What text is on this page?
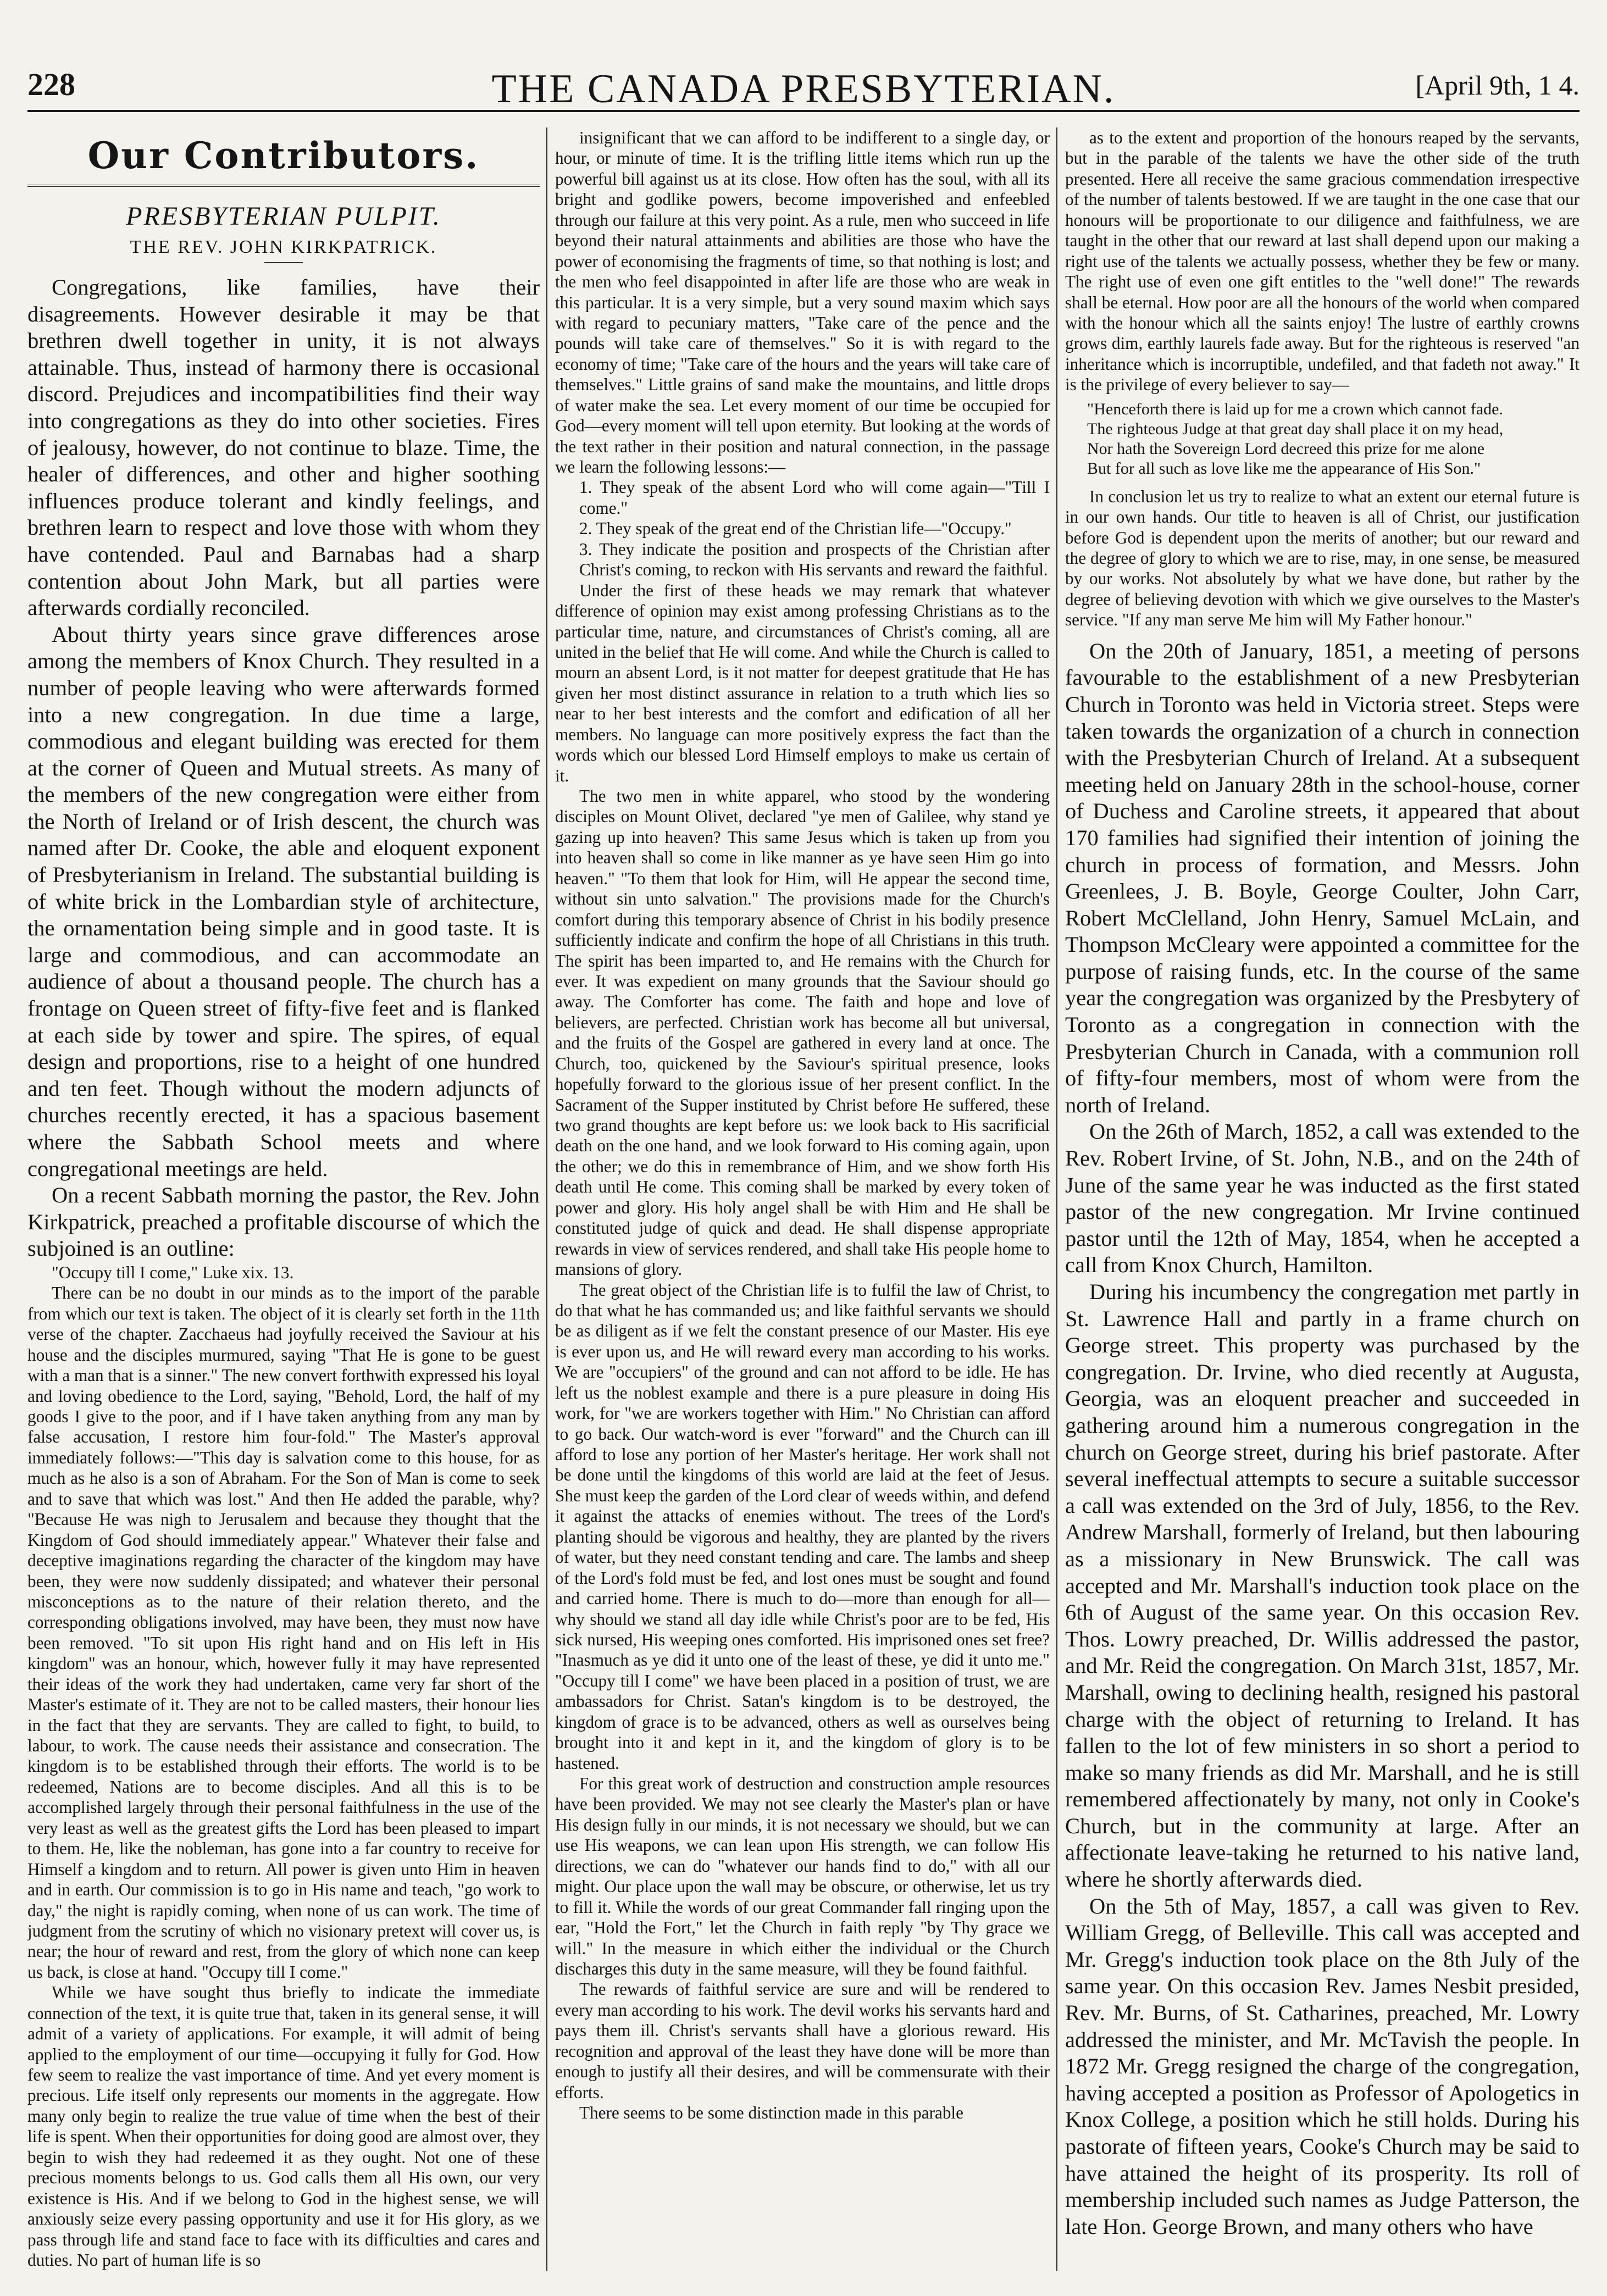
228	THE CANADA PRESBYTERIAN.	[April 9th, 1 4.
Our Contributors.
PRESBYTERIAN PULPIT.
THE REV. JOHN KIRKPATRICK.

Congregations, like families, have their disagreements. However desirable it may be that brethren dwell together in unity, it is not always attainable. Thus, instead of harmony there is occasional discord. Prejudices and incompatibilities find their way into congregations as they do into other societies. Fires of jealousy, however, do not continue to blaze. Time, the healer of differences, and other and higher soothing influences produce tolerant and kindly feelings, and brethren learn to respect and love those with whom they have contended. Paul and Barnabas had a sharp contention about John Mark, but all parties were afterwards cordially reconciled.

About thirty years since grave differences arose among the members of Knox Church. They resulted in a number of people leaving who were afterwards formed into a new congregation. In due time a large, commodious and elegant building was erected for them at the corner of Queen and Mutual streets. As many of the members of the new congregation were either from the North of Ireland or of Irish descent, the church was named after Dr. Cooke, the able and eloquent exponent of Presbyterianism in Ireland. The substantial building is of white brick in the Lombardian style of architecture, the ornamentation being simple and in good taste. It is large and commodious, and can accommodate an audience of about a thousand people. The church has a frontage on Queen street of fifty-five feet and is flanked at each side by tower and spire. The spires, of equal design and proportions, rise to a height of one hundred and ten feet. Though without the modern adjuncts of churches recently erected, it has a spacious basement where the Sabbath School meets and where congregational meetings are held.

On a recent Sabbath morning the pastor, the Rev. John Kirkpatrick, preached a profitable discourse of which the subjoined is an outline:

"Occupy till I come," Luke xix. 13.

There can be no doubt in our minds as to the import of the parable from which our text is taken. The object of it is clearly set forth in the 11th verse of the chapter. Zacchaeus had joyfully received the Saviour at his house and the disciples murmured, saying "That He is gone to be guest with a man that is a sinner." The new convert forthwith expressed his loyal and loving obedience to the Lord, saying, "Behold, Lord, the half of my goods I give to the poor, and if I have taken anything from any man by false accusation, I restore him four-fold." The Master's approval immediately follows:—"This day is salvation come to this house, for as much as he also is a son of Abraham. For the Son of Man is come to seek and to save that which was lost." And then He added the parable, why? "Because He was nigh to Jerusalem and because they thought that the Kingdom of God should immediately appear." Whatever their false and deceptive imaginations regarding the character of the kingdom may have been, they were now suddenly dissipated; and whatever their personal misconceptions as to the nature of their relation thereto, and the corresponding obligations involved, may have been, they must now have been removed. "To sit upon His right hand and on His left in His kingdom" was an honour, which, however fully it may have represented their ideas of the work they had undertaken, came very far short of the Master's estimate of it. They are not to be called masters, their honour lies in the fact that they are servants. They are called to fight, to build, to labour, to work. The cause needs their assistance and consecration. The kingdom is to be established through their efforts. The world is to be redeemed, Nations are to become disciples. And all this is to be accomplished largely through their personal faithfulness in the use of the very least as well as the greatest gifts the Lord has been pleased to impart to them. He, like the nobleman, has gone into a far country to receive for Himself a kingdom and to return. All power is given unto Him in heaven and in earth. Our commission is to go in His name and teach, "go work to day," the night is rapidly coming, when none of us can work. The time of judgment from the scrutiny of which no visionary pretext will cover us, is near; the hour of reward and rest, from the glory of which none can keep us back, is close at hand. "Occupy till I come."

While we have sought thus briefly to indicate the immediate connection of the text, it is quite true that, taken in its general sense, it will admit of a variety of applications. For example, it will admit of being applied to the employment of our time—occupying it fully for God. How few seem to realize the vast importance of time. And yet every moment is precious. Life itself only represents our moments in the aggregate. How many only begin to realize the true value of time when the best of their life is spent. When their opportunities for doing good are almost over, they begin to wish they had redeemed it as they ought. Not one of these precious moments belongs to us. God calls them all His own, our very existence is His. And if we belong to God in the highest sense, we will anxiously seize every passing opportunity and use it for His glory, as we pass through life and stand face to face with its difficulties and cares and duties. No part of human life is so

insignificant that we can afford to be indifferent to a single day, or hour, or minute of time. It is the trifling little items which run up the powerful bill against us at its close. How often has the soul, with all its bright and godlike powers, become impoverished and enfeebled through our failure at this very point. As a rule, men who succeed in life beyond their natural attainments and abilities are those who have the power of economising the fragments of time, so that nothing is lost; and the men who feel disappointed in after life are those who are weak in this particular. It is a very simple, but a very sound maxim which says with regard to pecuniary matters, "Take care of the pence and the pounds will take care of themselves." So it is with regard to the economy of time; "Take care of the hours and the years will take care of themselves." Little grains of sand make the mountains, and little drops of water make the sea. Let every moment of our time be occupied for God—every moment will tell upon eternity. But looking at the words of the text rather in their position and natural connection, in the passage we learn the following lessons:—

1. They speak of the absent Lord who will come again—"Till I come."

2. They speak of the great end of the Christian life—"Occupy."

3. They indicate the position and prospects of the Christian after Christ's coming, to reckon with His servants and reward the faithful.

Under the first of these heads we may remark that whatever difference of opinion may exist among professing Christians as to the particular time, nature, and circumstances of Christ's coming, all are united in the belief that He will come. And while the Church is called to mourn an absent Lord, is it not matter for deepest gratitude that He has given her most distinct assurance in relation to a truth which lies so near to her best interests and the comfort and edification of all her members. No language can more positively express the fact than the words which our blessed Lord Himself employs to make us certain of it.

The two men in white apparel, who stood by the wondering disciples on Mount Olivet, declared "ye men of Galilee, why stand ye gazing up into heaven? This same Jesus which is taken up from you into heaven shall so come in like manner as ye have seen Him go into heaven." "To them that look for Him, will He appear the second time, without sin unto salvation." The provisions made for the Church's comfort during this temporary absence of Christ in his bodily presence sufficiently indicate and confirm the hope of all Christians in this truth. The spirit has been imparted to, and He remains with the Church for ever. It was expedient on many grounds that the Saviour should go away. The Comforter has come. The faith and hope and love of believers, are perfected. Christian work has become all but universal, and the fruits of the Gospel are gathered in every land at once. The Church, too, quickened by the Saviour's spiritual presence, looks hopefully forward to the glorious issue of her present conflict. In the Sacrament of the Supper instituted by Christ before He suffered, these two grand thoughts are kept before us: we look back to His sacrificial death on the one hand, and we look forward to His coming again, upon the other; we do this in remembrance of Him, and we show forth His death until He come. This coming shall be marked by every token of power and glory. His holy angel shall be with Him and He shall be constituted judge of quick and dead. He shall dispense appropriate rewards in view of services rendered, and shall take His people home to mansions of glory.

The great object of the Christian life is to fulfil the law of Christ, to do that what he has commanded us; and like faithful servants we should be as diligent as if we felt the constant presence of our Master. His eye is ever upon us, and He will reward every man according to his works. We are "occupiers" of the ground and can not afford to be idle. He has left us the noblest example and there is a pure pleasure in doing His work, for "we are workers together with Him." No Christian can afford to go back. Our watch-word is ever "forward" and the Church can ill afford to lose any portion of her Master's heritage. Her work shall not be done until the kingdoms of this world are laid at the feet of Jesus. She must keep the garden of the Lord clear of weeds within, and defend it against the attacks of enemies without. The trees of the Lord's planting should be vigorous and healthy, they are planted by the rivers of water, but they need constant tending and care. The lambs and sheep of the Lord's fold must be fed, and lost ones must be sought and found and carried home. There is much to do—more than enough for all—why should we stand all day idle while Christ's poor are to be fed, His sick nursed, His weeping ones comforted. His imprisoned ones set free? "Inasmuch as ye did it unto one of the least of these, ye did it unto me." "Occupy till I come" we have been placed in a position of trust, we are ambassadors for Christ. Satan's kingdom is to be destroyed, the kingdom of grace is to be advanced, others as well as ourselves being brought into it and kept in it, and the kingdom of glory is to be hastened.

For this great work of destruction and construction ample resources have been provided. We may not see clearly the Master's plan or have His design fully in our minds, it is not necessary we should, but we can use His weapons, we can lean upon His strength, we can follow His directions, we can do "whatever our hands find to do," with all our might. Our place upon the wall may be obscure, or otherwise, let us try to fill it. While the words of our great Commander fall ringing upon the ear, "Hold the Fort," let the Church in faith reply "by Thy grace we will." In the measure in which either the individual or the Church discharges this duty in the same measure, will they be found faithful.

The rewards of faithful service are sure and will be rendered to every man according to his work. The devil works his servants hard and pays them ill. Christ's servants shall have a glorious reward. His recognition and approval of the least they have done will be more than enough to justify all their desires, and will be commensurate with their efforts.

There seems to be some distinction made in this parable

as to the extent and proportion of the honours reaped by the servants, but in the parable of the talents we have the other side of the truth presented. Here all receive the same gracious commendation irrespective of the number of talents bestowed. If we are taught in the one case that our honours will be proportionate to our diligence and faithfulness, we are taught in the other that our reward at last shall depend upon our making a right use of the talents we actually possess, whether they be few or many. The right use of even one gift entitles to the "well done!" The rewards shall be eternal. How poor are all the honours of the world when compared with the honour which all the saints enjoy! The lustre of earthly crowns grows dim, earthly laurels fade away. But for the righteous is reserved "an inheritance which is incorruptible, undefiled, and that fadeth not away." It is the privilege of every believer to say—

"Henceforth there is laid up for me a crown which cannot fade.
The righteous Judge at that great day shall place it on my head,
Nor hath the Sovereign Lord decreed this prize for me alone
But for all such as love like me the appearance of His Son."

In conclusion let us try to realize to what an extent our eternal future is in our own hands. Our title to heaven is all of Christ, our justification before God is dependent upon the merits of another; but our reward and the degree of glory to which we are to rise, may, in one sense, be measured by our works. Not absolutely by what we have done, but rather by the degree of believing devotion with which we give ourselves to the Master's service. "If any man serve Me him will My Father honour."

On the 20th of January, 1851, a meeting of persons favourable to the establishment of a new Presbyterian Church in Toronto was held in Victoria street. Steps were taken towards the organization of a church in connection with the Presbyterian Church of Ireland. At a subsequent meeting held on January 28th in the school-house, corner of Duchess and Caroline streets, it appeared that about 170 families had signified their intention of joining the church in process of formation, and Messrs. John Greenlees, J. B. Boyle, George Coulter, John Carr, Robert McClelland, John Henry, Samuel McLain, and Thompson McCleary were appointed a committee for the purpose of raising funds, etc. In the course of the same year the congregation was organized by the Presbytery of Toronto as a congregation in connection with the Presbyterian Church in Canada, with a communion roll of fifty-four members, most of whom were from the north of Ireland.

On the 26th of March, 1852, a call was extended to the Rev. Robert Irvine, of St. John, N.B., and on the 24th of June of the same year he was inducted as the first stated pastor of the new congregation. Mr Irvine continued pastor until the 12th of May, 1854, when he accepted a call from Knox Church, Hamilton.

During his incumbency the congregation met partly in St. Lawrence Hall and partly in a frame church on George street. This property was purchased by the congregation. Dr. Irvine, who died recently at Augusta, Georgia, was an eloquent preacher and succeeded in gathering around him a numerous congregation in the church on George street, during his brief pastorate. After several ineffectual attempts to secure a suitable successor a call was extended on the 3rd of July, 1856, to the Rev. Andrew Marshall, formerly of Ireland, but then labouring as a missionary in New Brunswick. The call was accepted and Mr. Marshall's induction took place on the 6th of August of the same year. On this occasion Rev. Thos. Lowry preached, Dr. Willis addressed the pastor, and Mr. Reid the congregation. On March 31st, 1857, Mr. Marshall, owing to declining health, resigned his pastoral charge with the object of returning to Ireland. It has fallen to the lot of few ministers in so short a period to make so many friends as did Mr. Marshall, and he is still remembered affectionately by many, not only in Cooke's Church, but in the community at large. After an affectionate leave-taking he returned to his native land, where he shortly afterwards died.

On the 5th of May, 1857, a call was given to Rev. William Gregg, of Belleville. This call was accepted and Mr. Gregg's induction took place on the 8th July of the same year. On this occasion Rev. James Nesbit presided, Rev. Mr. Burns, of St. Catharines, preached, Mr. Lowry addressed the minister, and Mr. McTavish the people. In 1872 Mr. Gregg resigned the charge of the congregation, having accepted a position as Professor of Apologetics in Knox College, a position which he still holds. During his pastorate of fifteen years, Cooke's Church may be said to have attained the height of its prosperity. Its roll of membership included such names as Judge Patterson, the late Hon. George Brown, and many others who have
